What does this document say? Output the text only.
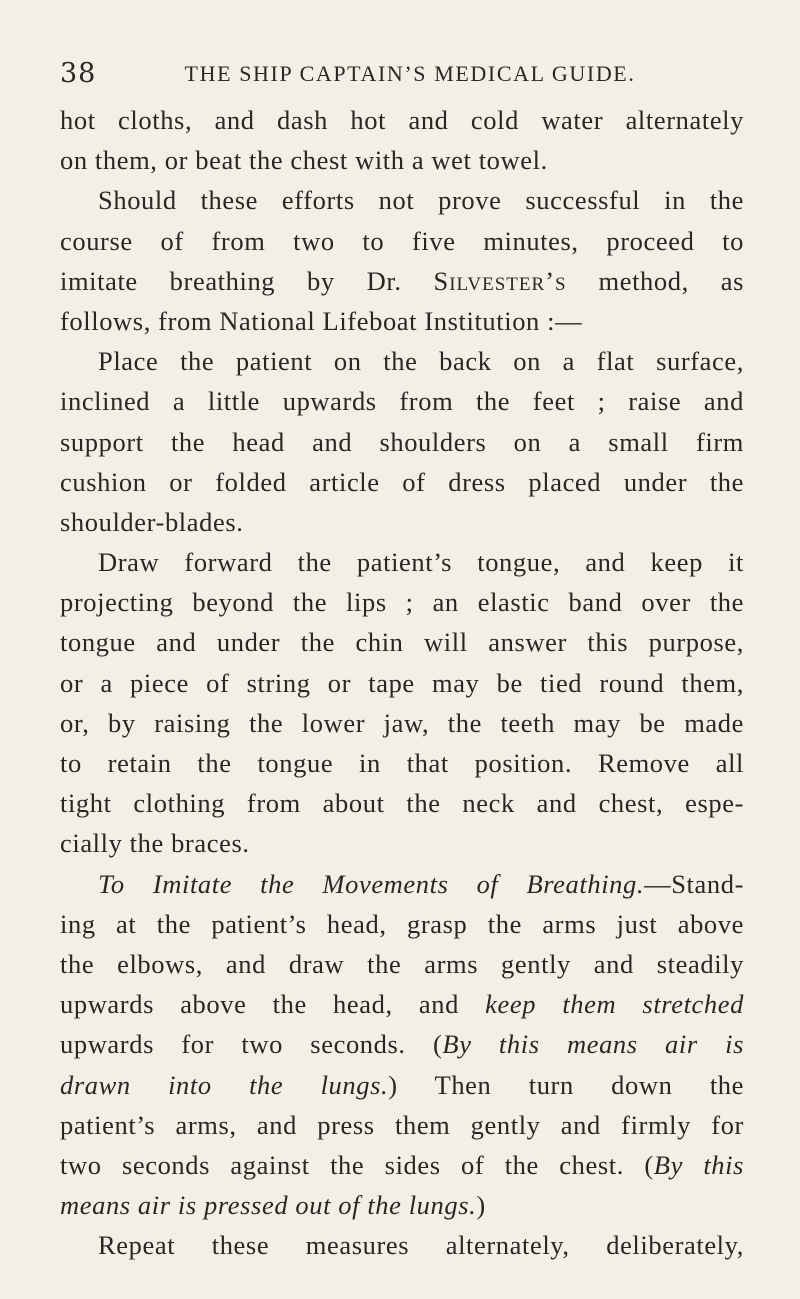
38	THE SHIP CAPTAIN’S MEDICAL GUIDE.
hot cloths, and dash hot and cold water alternately
on them, or beat the chest with a wet towel.
Should these efforts not prove successful in the
course of from two to five minutes, proceed to
imitate breathing by Dr. Silvester’s method, as
follows, from National Lifeboat Institution :—
Place the patient on the back on a flat surface,
inclined a little upwards from the feet ; raise and
support the head and shoulders on a small firm
cushion or folded article of dress placed under the
shoulder-blades.
Draw forward the patient’s tongue, and keep it
projecting beyond the lips ; an elastic band over the
tongue and under the chin will answer this purpose,
or a piece of string or tape may be tied round them,
or, by raising the lower jaw, the teeth may be made
to retain the tongue in that position. Remove all
tight clothing from about the neck and chest, espe-
cially the braces.
To Imitate the Movements of Breathing.—Stand-
ing at the patient’s head, grasp the arms just above
the elbows, and draw the arms gently and steadily
upwards above the head, and keep them stretched
upwards for two seconds. (By this means air is
drawn into the lungs.) Then turn down the
patient’s arms, and press them gently and firmly for
two seconds against the sides of the chest. (By this
means air is pressed out of the lungs.)
Repeat these measures alternately, deliberately,
